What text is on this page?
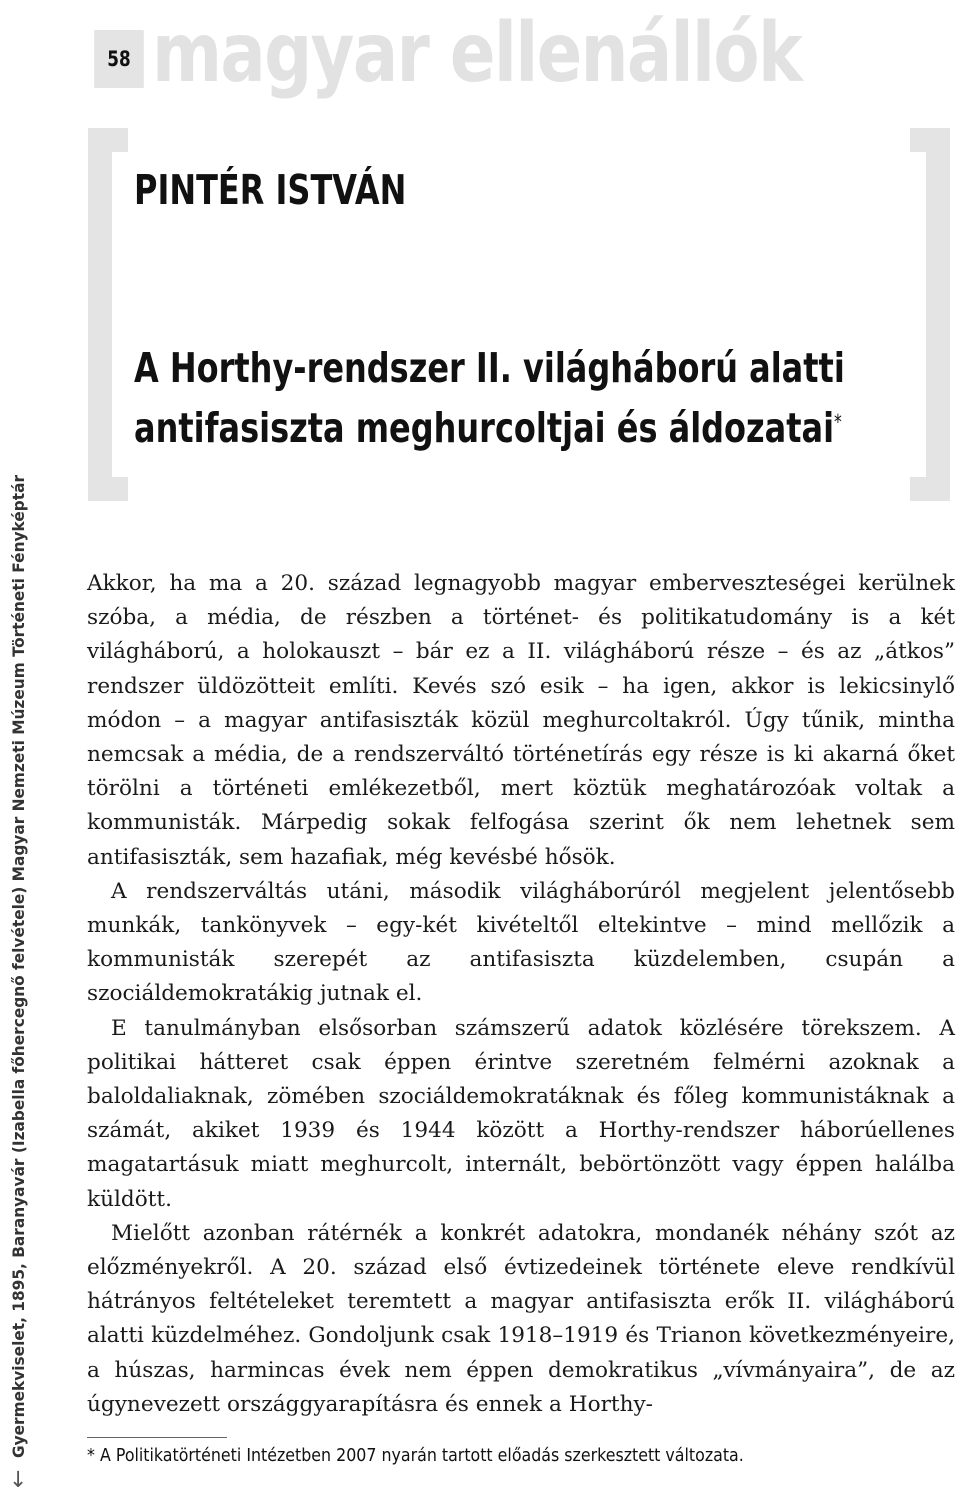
58 magyar ellenállók
PINTÉR ISTVÁN
A Horthy-rendszer II. világháború alatti
antifasiszta meghurcoltjai és áldozatai*
←
Gyermekviselet, 1895, Baranyavár (Izabella főhercegnő felvétele) Magyar Nemzeti Múzeum Történeti Fényképtár	Akkor, ha ma a 20. század legnagyobb magyar emberveszteségei kerülnek szóba, a média, de részben a történet- és politikatudomány is a két világháború, a holokauszt – bár ez a II. világháború része – és az „átkos” rendszer üldözötteit említi. Kevés szó esik – ha igen, akkor is lekicsinylő módon – a magyar antifasiszták közül meghurcoltakról. Úgy tűnik, mintha nemcsak a média, de a rendszerváltó történetírás egy része is ki akarná őket törölni a történeti emlékezetből, mert köztük meghatározóak voltak a kommunisták. Márpedig sokak felfogása szerint ők nem lehetnek sem antifasiszták, sem hazafiak, még kevésbé hősök.

A rendszerváltás utáni, második világháborúról megjelent jelentősebb munkák, tankönyvek – egy-két kivételtől eltekintve – mind mellőzik a kommunisták szerepét az antifasiszta küzdelemben, csupán a szociáldemokratákig jutnak el.

E tanulmányban elsősorban számszerű adatok közlésére törekszem. A politikai hátteret csak éppen érintve szeretném felmérni azoknak a baloldaliaknak, zömében szociáldemokratáknak és főleg kommunistáknak a számát, akiket 1939 és 1944 között a Horthy-rendszer háborúellenes magatartásuk miatt meghurcolt, internált, bebörtönzött vagy éppen halálba küldött.

Mielőtt azonban rátérnék a konkrét adatokra, mondanék néhány szót az előzményekről. A 20. század első évtizedeinek története eleve rendkívül hátrányos feltételeket teremtett a magyar antifasiszta erők II. világháború alatti küzdelméhez. Gondoljunk csak 1918–1919 és Trianon következményeire, a húszas, harmincas évek nem éppen demokratikus „vívmányaira”, de az úgynevezett országgyarapításra és ennek a Horthy-

* A Politikatörténeti Intézetben 2007 nyarán tartott előadás szerkesztett változata.
